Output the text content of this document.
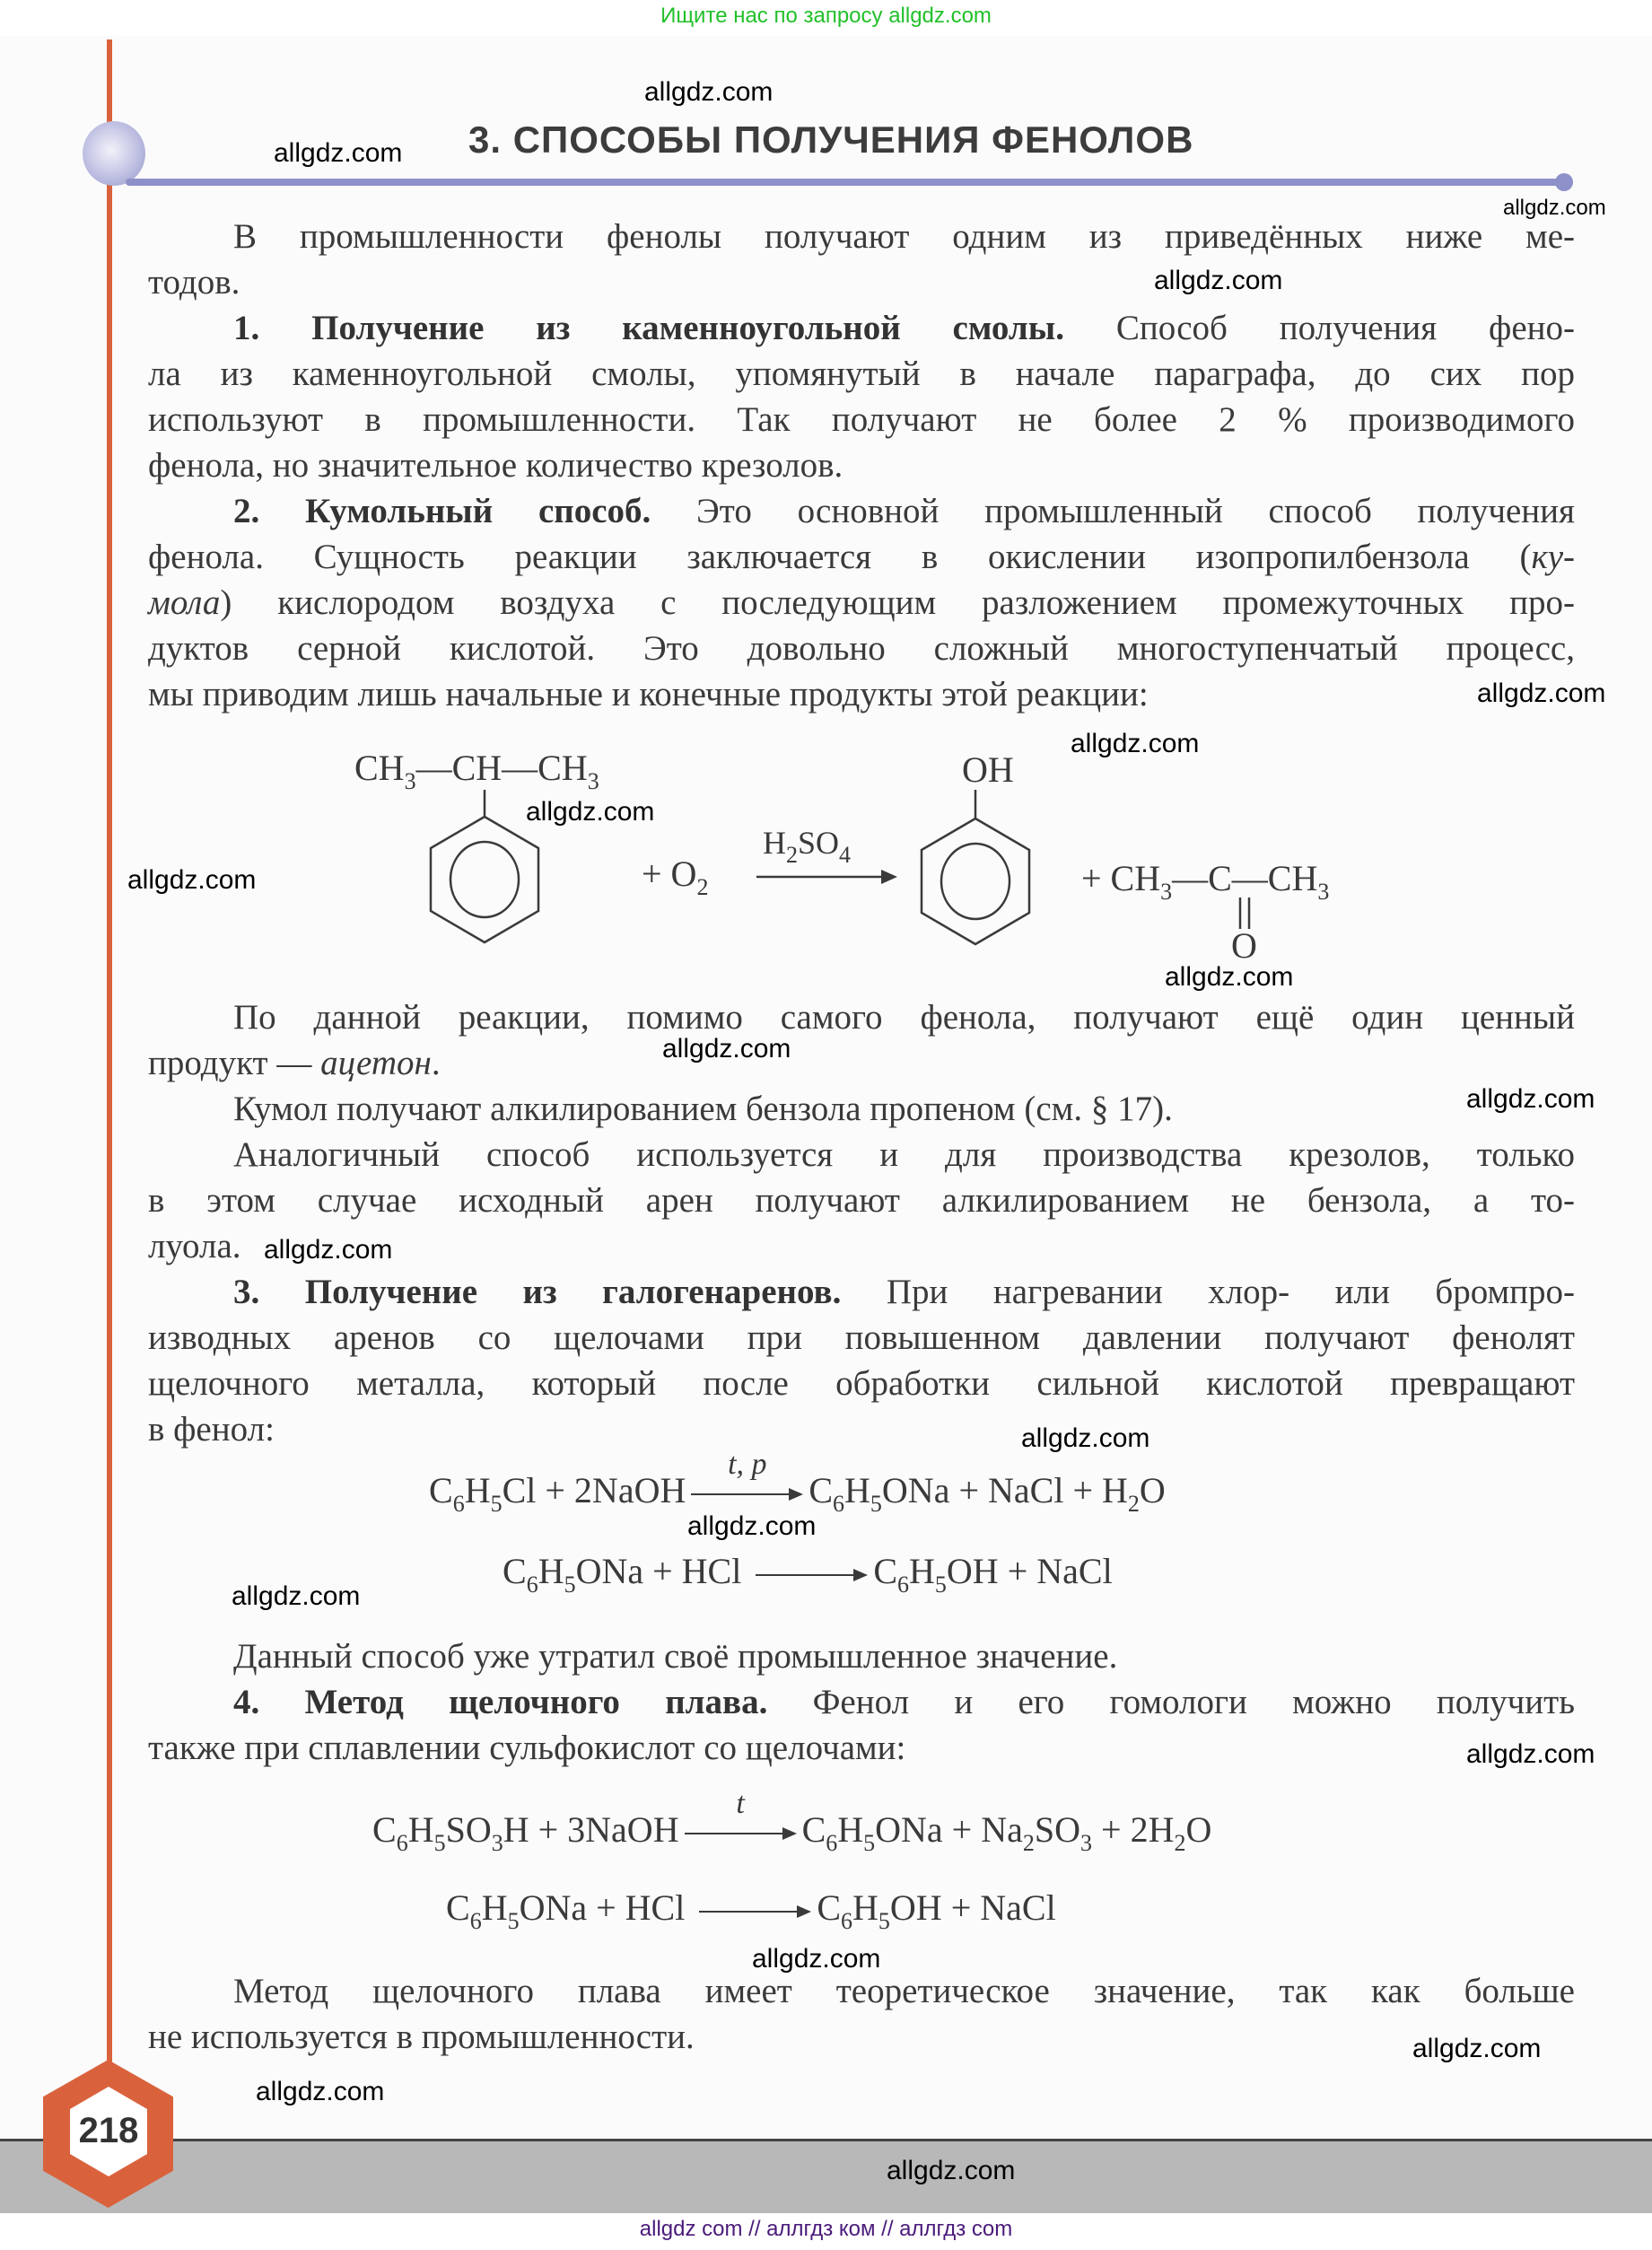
Ищите нас по запросу allgdz.com
3. СПОСОБЫ ПОЛУЧЕНИЯ ФЕНОЛОВ
В промышленности фенолы получают одним из приведённых ниже ме-
тодов.
1. Получение из каменноугольной смолы. Способ получения фено-
ла из каменноугольной смолы, упомянутый в начале параграфа, до сих пор
используют в промышленности. Так получают не более 2 % производимого
фенола, но значительное количество крезолов.
2. Кумольный способ. Это основной промышленный способ получения
фенола. Сущность реакции заключается в окислении изопропилбензола (ку-
мола) кислородом воздуха с последующим разложением промежуточных про-
дуктов серной кислотой. Это довольно сложный многоступенчатый процесс,
мы приводим лишь начальные и конечные продукты этой реакции:
$CH_3—CH—CH_3$
+ $O_2$
$H_2SO_4$
OH
+ $CH_3—C—CH_3$
O
По данной реакции, помимо самого фенола, получают ещё один ценный
продукт — ацетон.
Кумол получают алкилированием бензола пропеном (см. § 17).
Аналогичный способ используется и для производства крезолов, только
в этом случае исходный арен получают алкилированием не бензола, а то-
луола.
3. Получение из галогенаренов. При нагревании хлор- или бромпро-
изводных аренов со щелочами при повышенном давлении получают фенолят
щелочного металла, который после обработки сильной кислотой превращают
в фенол:
$C_6H_5Cl$ + 2NaOH
t, p
$C_6H_5ONa$ + NaCl + $H_2O$
$C_6H_5ONa$ + HCl	$C_6H_5OH$ + NaCl
Данный способ уже утратил своё промышленное значение.
4. Метод щелочного плава. Фенол и его гомологи можно получить
также при сплавлении сульфокислот со щелочами:
$C_6H_5SO_3H$ + 3NaOH
t
$C_6H_5ONa + Na_2SO_3 + 2H_2O$
$C_6H_5ONa$ + HCl	$C_6H_5OH$ + NaCl
Метод щелочного плава имеет теоретическое значение, так как больше
не используется в промышленности.
218
allgdz.com
allgdz.com
allgdz.com
allgdz.com
allgdz.com
allgdz.com
allgdz.com
allgdz.com
allgdz.com
allgdz.com
allgdz.com
allgdz.com
allgdz.com
allgdz.com
allgdz.com
allgdz.com
allgdz.com
allgdz.com
allgdz.com
allgdz.com
allgdz com // аллгдз ком // аллгдз com
